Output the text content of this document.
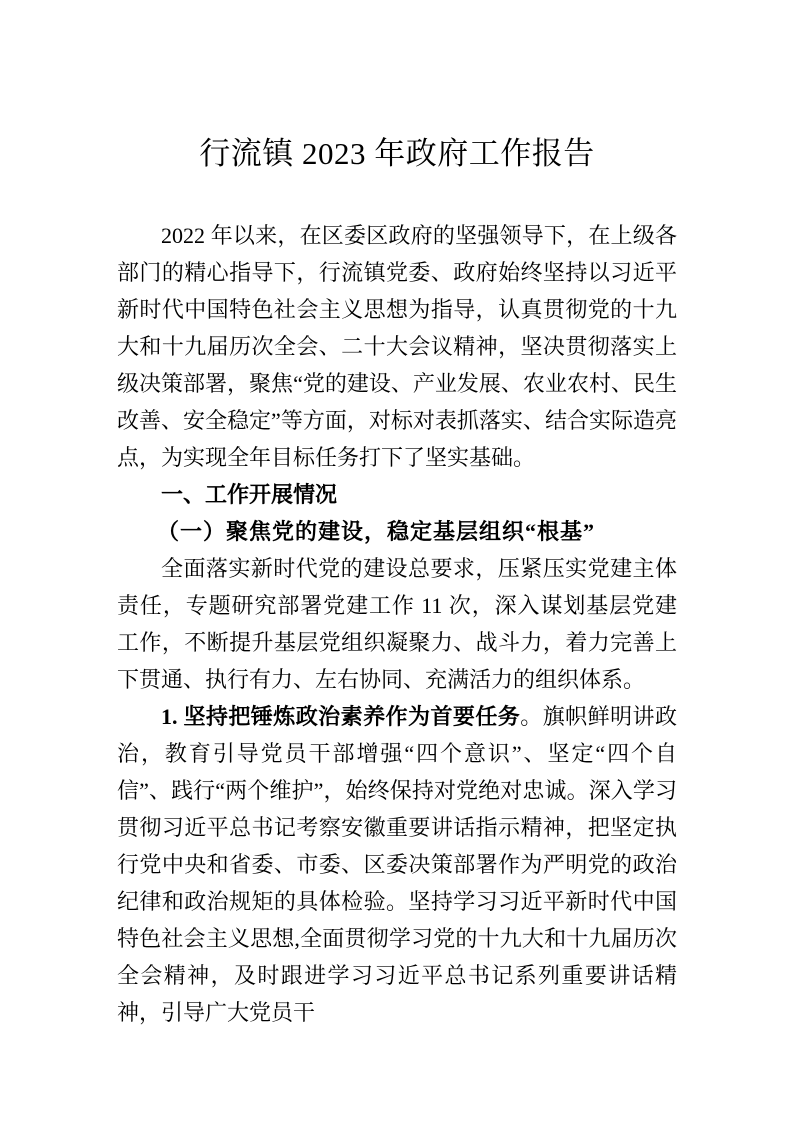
行流镇 2023 年政府工作报告

2022 年以来，在区委区政府的坚强领导下，在上级各部门的精心指导下，行流镇党委、政府始终坚持以习近平新时代中国特色社会主义思想为指导，认真贯彻党的十九大和十九届历次全会、二十大会议精神，坚决贯彻落实上级决策部署，聚焦“党的建设、产业发展、农业农村、民生改善、安全稳定”等方面，对标对表抓落实、结合实际造亮点，为实现全年目标任务打下了坚实基础。

一、工作开展情况
（一）聚焦党的建设，稳定基层组织“根基”

全面落实新时代党的建设总要求，压紧压实党建主体责任，专题研究部署党建工作 11 次，深入谋划基层党建工作，不断提升基层党组织凝聚力、战斗力，着力完善上下贯通、执行有力、左右协同、充满活力的组织体系。

1. 坚持把锤炼政治素养作为首要任务。旗帜鲜明讲政治，教育引导党员干部增强“四个意识”、坚定“四个自信”、践行“两个维护”，始终保持对党绝对忠诚。深入学习贯彻习近平总书记考察安徽重要讲话指示精神，把坚定执行党中央和省委、市委、区委决策部署作为严明党的政治纪律和政治规矩的具体检验。坚持学习习近平新时代中国特色社会主义思想,全面贯彻学习党的十九大和十九届历次全会精神，及时跟进学习习近平总书记系列重要讲话精神，引导广大党员干
